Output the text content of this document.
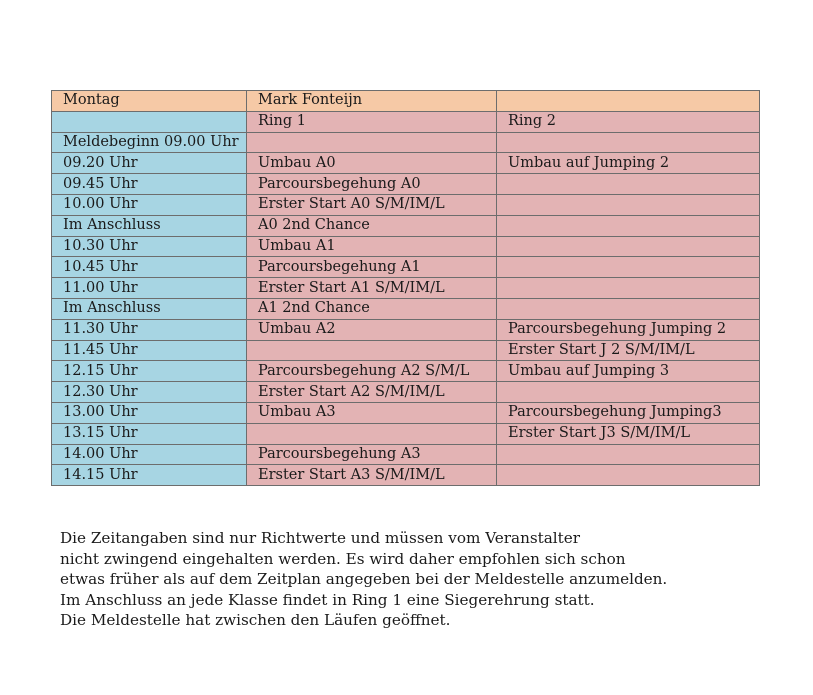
Montag	Mark Fonteijn	
	Ring 1	Ring 2
Meldebeginn 09.00 Uhr		
09.20 Uhr	Umbau A0	Umbau auf Jumping 2
09.45 Uhr	Parcoursbegehung A0	
10.00 Uhr	Erster Start A0 S/M/IM/L	
Im Anschluss	A0 2nd Chance	
10.30 Uhr	Umbau A1	
10.45 Uhr	Parcoursbegehung A1	
11.00 Uhr	Erster Start A1 S/M/IM/L	
Im Anschluss	A1 2nd Chance	
11.30 Uhr	Umbau A2	Parcoursbegehung Jumping 2
11.45 Uhr		Erster Start J 2 S/M/IM/L
12.15 Uhr	Parcoursbegehung A2 S/M/L	Umbau auf Jumping 3
12.30 Uhr	Erster Start A2 S/M/IM/L	
13.00 Uhr	Umbau A3	Parcoursbegehung Jumping3
13.15 Uhr		Erster Start J3 S/M/IM/L
14.00 Uhr	Parcoursbegehung A3	
14.15 Uhr	Erster Start A3 S/M/IM/L	

Die Zeitangaben sind nur Richtwerte und müssen vom Veranstalter

nicht zwingend eingehalten werden. Es wird daher empfohlen sich schon

etwas früher als auf dem Zeitplan angegeben bei der Meldestelle anzumelden.

Im Anschluss an jede Klasse findet in Ring 1 eine Siegerehrung statt.

Die Meldestelle hat zwischen den Läufen geöffnet.
